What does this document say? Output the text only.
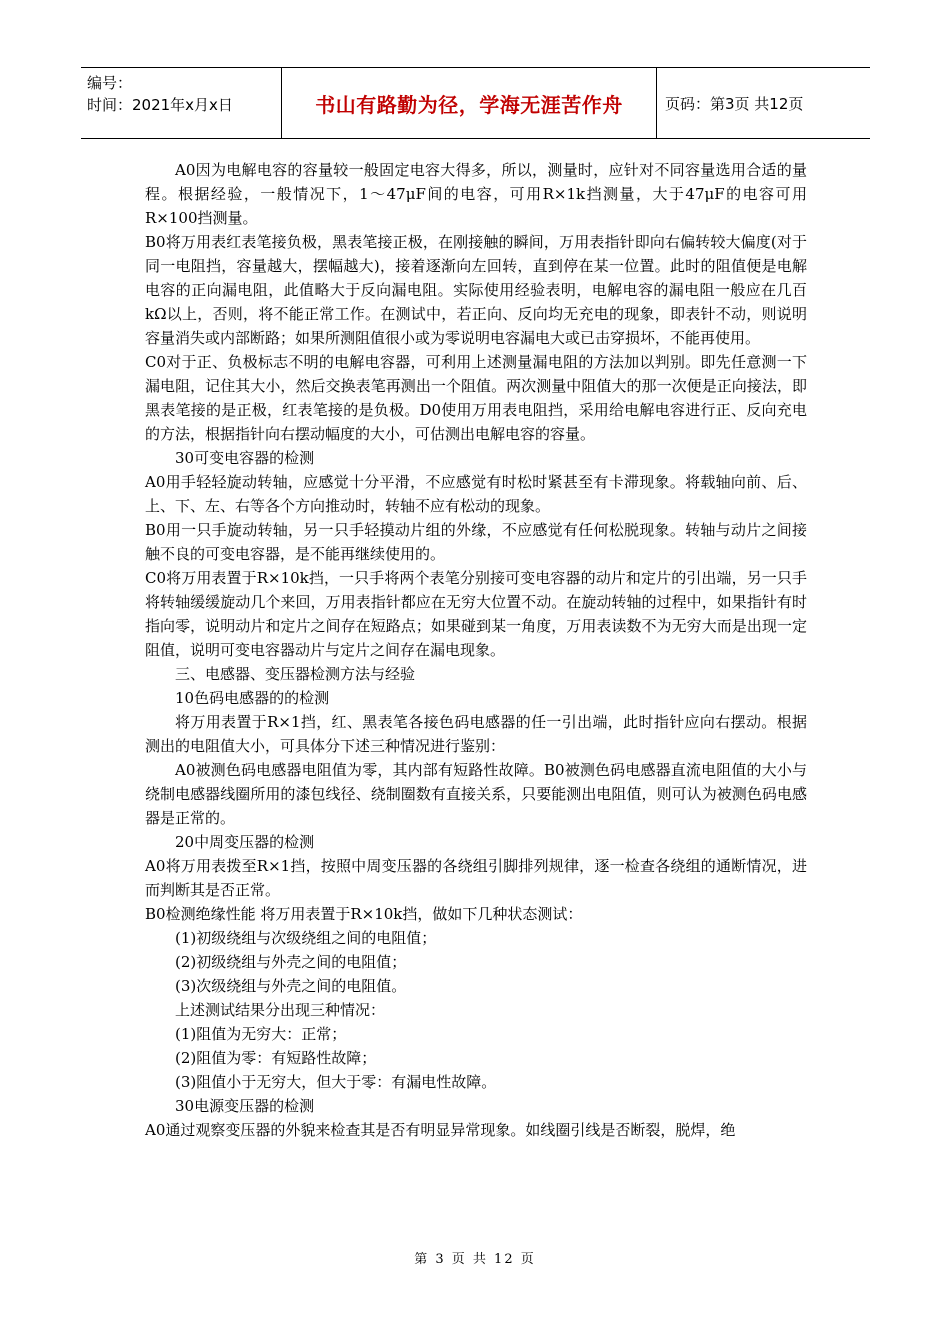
编号：
时间：2021年x月x日	书山有路勤为径，学海无涯苦作舟	页码：第3页 共12页

A0因为电解电容的容量较一般固定电容大得多，所以，测量时，应针对不同容量选用合适的量程。根据经验，一般情况下，1～47μF间的电容，可用R×1k挡测量，大于47μF的电容可用R×100挡测量。

B0将万用表红表笔接负极，黑表笔接正极，在刚接触的瞬间，万用表指针即向右偏转较大偏度(对于同一电阻挡，容量越大，摆幅越大)，接着逐渐向左回转，直到停在某一位置。此时的阻值便是电解电容的正向漏电阻，此值略大于反向漏电阻。实际使用经验表明，电解电容的漏电阻一般应在几百kΩ以上，否则，将不能正常工作。在测试中，若正向、反向均无充电的现象，即表针不动，则说明容量消失或内部断路；如果所测阻值很小或为零说明电容漏电大或已击穿损坏，不能再使用。

C0对于正、负极标志不明的电解电容器，可利用上述测量漏电阻的方法加以判别。即先任意测一下漏电阻，记住其大小，然后交换表笔再测出一个阻值。两次测量中阻值大的那一次便是正向接法，即黑表笔接的是正极，红表笔接的是负极。D0使用万用表电阻挡，采用给电解电容进行正、反向充电的方法，根据指针向右摆动幅度的大小，可估测出电解电容的容量。

30可变电容器的检测

A0用手轻轻旋动转轴，应感觉十分平滑，不应感觉有时松时紧甚至有卡滞现象。将载轴向前、后、上、下、左、右等各个方向推动时，转轴不应有松动的现象。

B0用一只手旋动转轴，另一只手轻摸动片组的外缘，不应感觉有任何松脱现象。转轴与动片之间接触不良的可变电容器，是不能再继续使用的。

C0将万用表置于R×10k挡，一只手将两个表笔分别接可变电容器的动片和定片的引出端，另一只手将转轴缓缓旋动几个来回，万用表指针都应在无穷大位置不动。在旋动转轴的过程中，如果指针有时指向零，说明动片和定片之间存在短路点；如果碰到某一角度，万用表读数不为无穷大而是出现一定阻值，说明可变电容器动片与定片之间存在漏电现象。

三、电感器、变压器检测方法与经验

10色码电感器的的检测

将万用表置于R×1挡，红、黑表笔各接色码电感器的任一引出端，此时指针应向右摆动。根据测出的电阻值大小，可具体分下述三种情况进行鉴别：

A0被测色码电感器电阻值为零，其内部有短路性故障。B0被测色码电感器直流电阻值的大小与绕制电感器线圈所用的漆包线径、绕制圈数有直接关系，只要能测出电阻值，则可认为被测色码电感器是正常的。

20中周变压器的检测

A0将万用表拨至R×1挡，按照中周变压器的各绕组引脚排列规律，逐一检查各绕组的通断情况，进而判断其是否正常。

B0检测绝缘性能 将万用表置于R×10k挡，做如下几种状态测试：

(1)初级绕组与次级绕组之间的电阻值；

(2)初级绕组与外壳之间的电阻值；

(3)次级绕组与外壳之间的电阻值。

上述测试结果分出现三种情况：

(1)阻值为无穷大：正常；

(2)阻值为零：有短路性故障；

(3)阻值小于无穷大，但大于零：有漏电性故障。

30电源变压器的检测

A0通过观察变压器的外貌来检查其是否有明显异常现象。如线圈引线是否断裂，脱焊，绝

第 3 页 共 12 页
